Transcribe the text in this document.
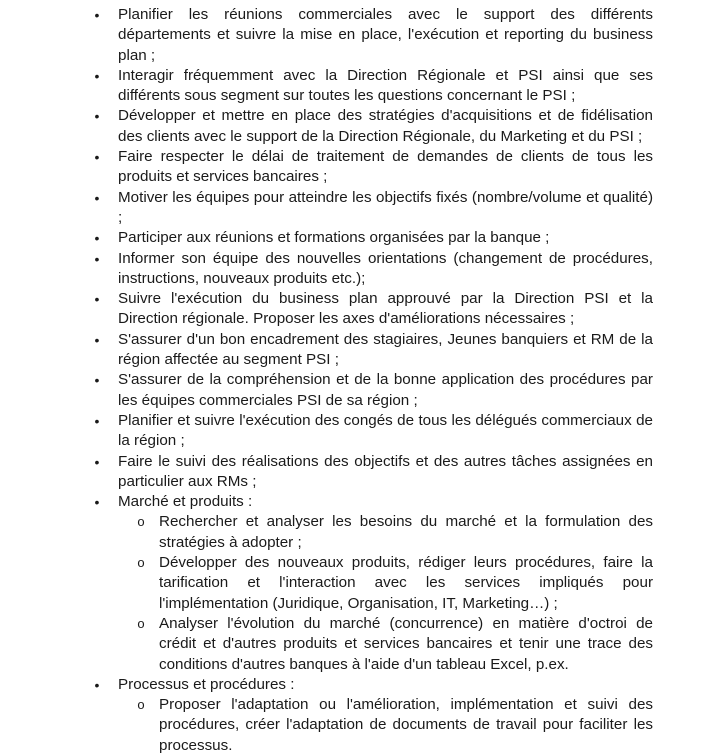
• Planifier les réunions commerciales avec le support des différents départements et suivre la mise en place, l'exécution et reporting du business plan ;
• Interagir fréquemment avec la Direction Régionale et PSI ainsi que ses différents sous segment sur toutes les questions concernant le PSI ;
• Développer et mettre en place des stratégies d'acquisitions et de fidélisation des clients avec le support de la Direction Régionale, du Marketing et du PSI ;
• Faire respecter le délai de traitement de demandes de clients de tous les produits et services bancaires ;
• Motiver les équipes pour atteindre les objectifs fixés (nombre/volume et qualité) ;
• Participer aux réunions et formations organisées par la banque ;
• Informer son équipe des nouvelles orientations (changement de procédures, instructions, nouveaux produits etc.);
• Suivre l'exécution du business plan approuvé par la Direction PSI et la Direction régionale. Proposer les axes d'améliorations nécessaires ;
• S'assurer d'un bon encadrement des stagiaires, Jeunes banquiers et RM de la région affectée au segment PSI ;
• S'assurer de la compréhension et de la bonne application des procédures par les équipes commerciales PSI de sa région ;
• Planifier et suivre l'exécution des congés de tous les délégués commerciaux de la région ;
• Faire le suivi des réalisations des objectifs et des autres tâches assignées en particulier aux RMs ;
• Marché et produits :
o Rechercher et analyser les besoins du marché et la formulation des stratégies à adopter ;
o Développer des nouveaux produits, rédiger leurs procédures, faire la tarification et l'interaction avec les services impliqués pour l'implémentation (Juridique, Organisation, IT, Marketing…) ;
o Analyser l'évolution du marché (concurrence) en matière d'octroi de crédit et d'autres produits et services bancaires et tenir une trace des conditions d'autres banques à l'aide d'un tableau Excel, p.ex.
• Processus et procédures :
o Proposer l'adaptation ou l'amélioration, implémentation et suivi des procédures, créer l'adaptation de documents de travail pour faciliter les processus.
